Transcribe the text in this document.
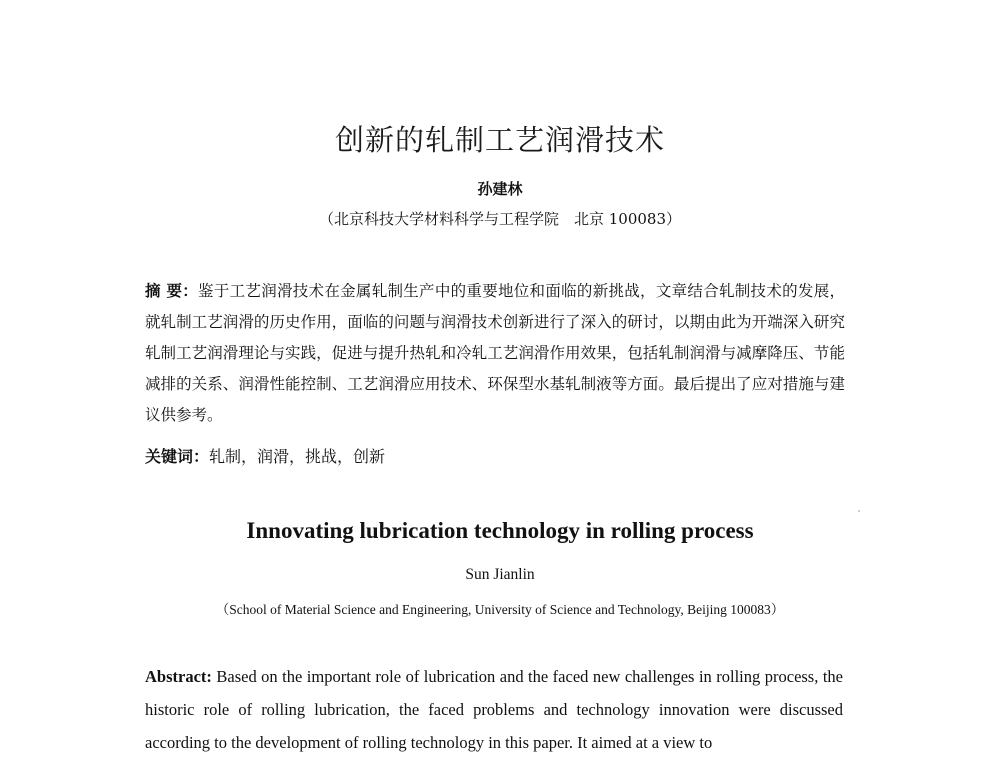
创新的轧制工艺润滑技术
孙建林
（北京科技大学材料科学与工程学院　北京 100083）
摘 要：鉴于工艺润滑技术在金属轧制生产中的重要地位和面临的新挑战，文章结合轧制技术的发展，就轧制工艺润滑的历史作用，面临的问题与润滑技术创新进行了深入的研讨，以期由此为开端深入研究轧制工艺润滑理论与实践，促进与提升热轧和冷轧工艺润滑作用效果，包括轧制润滑与减摩降压、节能减排的关系、润滑性能控制、工艺润滑应用技术、环保型水基轧制液等方面。最后提出了应对措施与建议供参考。
关键词：轧制，润滑，挑战，创新
Innovating lubrication technology in rolling process
Sun Jianlin
（School of Material Science and Engineering, University of Science and Technology, Beijing 100083）
Abstract: Based on the important role of lubrication and the faced new challenges in rolling process, the historic role of rolling lubrication, the faced problems and technology innovation were discussed according to the development of rolling technology in this paper. It aimed at a view to
